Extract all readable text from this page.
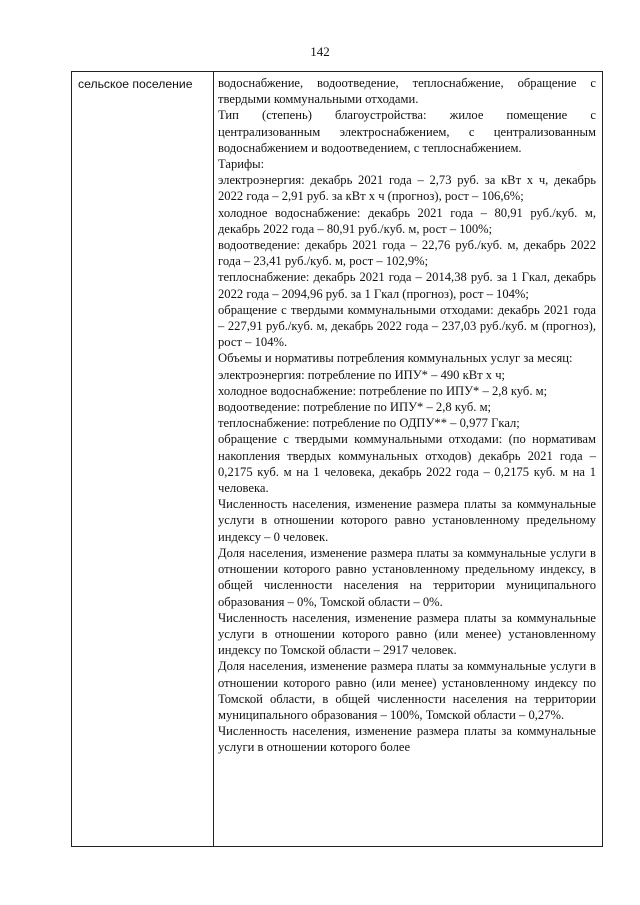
142
сельское поселение	водоснабжение, водоотведение, теплоснабжение, обращение с твердыми коммунальными отходами.

Тип (степень) благоустройства: жилое помещение с централизованным электроснабжением, с централизованным водоснабжением и водоотведением, с теплоснабжением.

Тарифы:

электроэнергия: декабрь 2021 года – 2,73 руб. за кВт х ч, декабрь 2022 года – 2,91 руб. за кВт х ч (прогноз), рост – 106,6%;

холодное водоснабжение: декабрь 2021 года – 80,91 руб./куб. м, декабрь 2022 года – 80,91 руб./куб. м, рост – 100%;

водоотведение: декабрь 2021 года – 22,76 руб./куб. м, декабрь 2022 года – 23,41 руб./куб. м, рост – 102,9%;

теплоснабжение: декабрь 2021 года – 2014,38 руб. за 1 Гкал, декабрь 2022 года – 2094,96 руб. за 1 Гкал (прогноз), рост – 104%;

обращение с твердыми коммунальными отходами: декабрь 2021 года – 227,91 руб./куб. м, декабрь 2022 года – 237,03 руб./куб. м (прогноз), рост – 104%.

Объемы и нормативы потребления коммунальных услуг за месяц:

электроэнергия: потребление по ИПУ* – 490 кВт х ч;

холодное водоснабжение: потребление по ИПУ* – 2,8 куб. м;

водоотведение: потребление по ИПУ* – 2,8 куб. м;

теплоснабжение: потребление по ОДПУ** – 0,977 Гкал;

обращение с твердыми коммунальными отходами: (по нормативам накопления твердых коммунальных отходов) декабрь 2021 года – 0,2175 куб. м на 1 человека, декабрь 2022 года – 0,2175 куб. м на 1 человека.

Численность населения, изменение размера платы за коммунальные услуги в отношении которого равно установленному предельному индексу – 0 человек.

Доля населения, изменение размера платы за коммунальные услуги в отношении которого равно установленному предельному индексу, в общей численности населения на территории муниципального образования – 0%, Томской области – 0%.

Численность населения, изменение размера платы за коммунальные услуги в отношении которого равно (или менее) установленному индексу по Томской области – 2917 человек.

Доля населения, изменение размера платы за коммунальные услуги в отношении которого равно (или менее) установленному индексу по Томской области, в общей численности населения на территории муниципального образования – 100%, Томской области – 0,27%.

Численность населения, изменение размера платы за коммунальные услуги в отношении которого более
